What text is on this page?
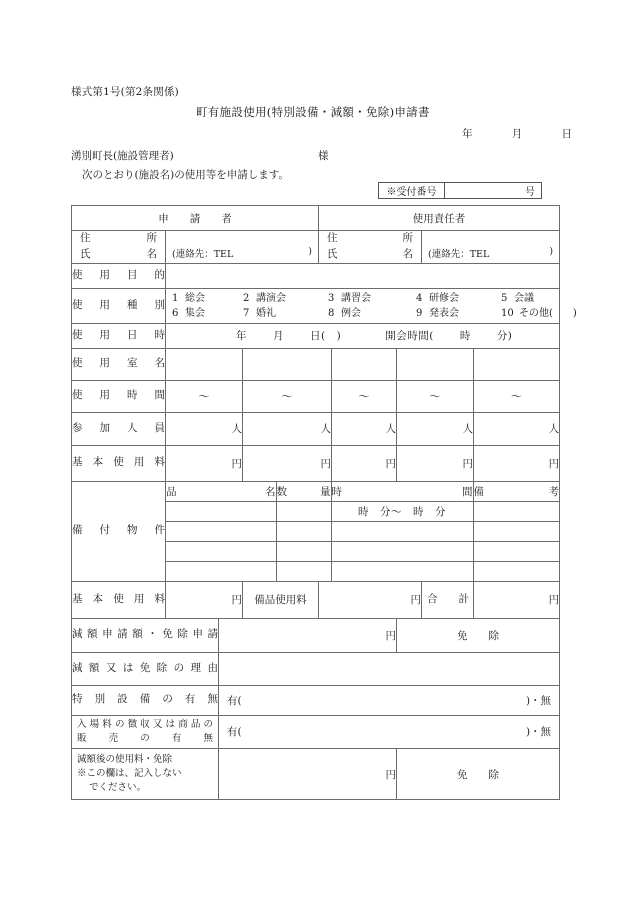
様式第1号(第2条関係)
町有施設使用(特別設備・減額・免除)申請書
年	月	日
湧別町長(施設管理者)	様
次のとおり(施設名)の使用等を申請します。
※受付番号	号
申　　請　　者	使用責任者

住　　所
氏　　名	(連絡先：TEL	)

住　　所
氏　　名	(連絡先：TEL	)

使用目的	
使用種別	
1 総会	2 講演会	3 講習会	4 研修会	5 会議
6 集会	7 婚礼	8 例会	9 発表会	10 その他(　　)

使用日時	年 月 日(　)	開会時間( 時 分)

使用室名					
使用時間	～	～	～	～	～
参加人員	人	人	人	人	人
基本使用料	円	円	円	円	円
備付物件	
品　　名	数　量	時　　間	備　考
		時　分～　時　分	

基本使用料	円	備品使用料	円	合　　計	円
減額申請額・免除申請	円	免　　除
減額又は免除の理由	
特別設備の有無	有(	)・無

入場料の徴収又は商品の
販　売　の　有　無	有(	)・無

減額後の使用料・免除
※この欄は、記入しない
でください。
	円	免　　除
